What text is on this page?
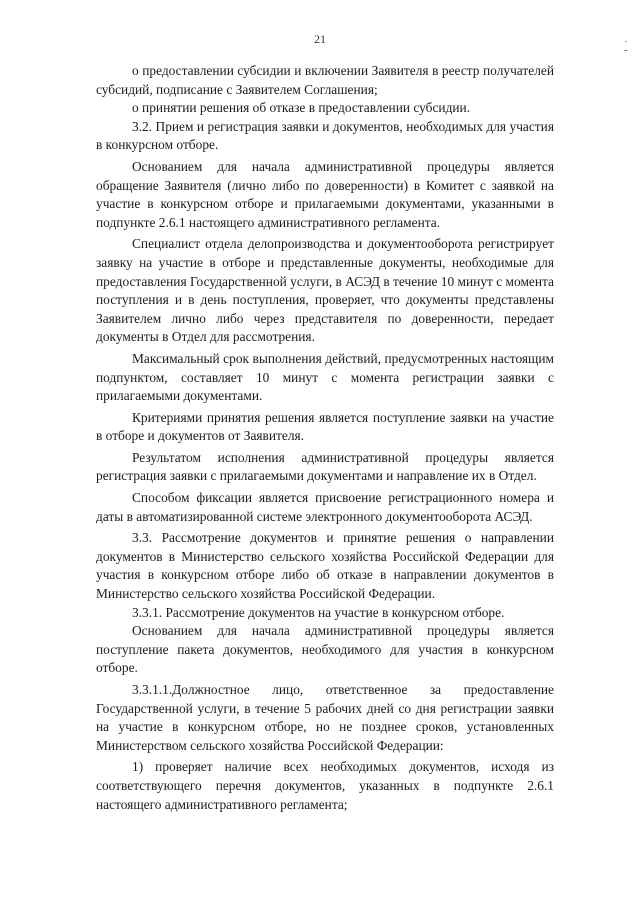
21	·
-

о предоставлении субсидии и включении Заявителя в реестр получателей субсидий, подписание с Заявителем Соглашения;

о принятии решения об отказе в предоставлении субсидии.

3.2. Прием и регистрация заявки и документов, необходимых для участия в конкурсном отборе.

Основанием для начала административной процедуры является обращение Заявителя (лично либо по доверенности) в Комитет с заявкой на участие в конкурсном отборе и прилагаемыми документами, указанными в подпункте 2.6.1 настоящего административного регламента.

Специалист отдела делопроизводства и документооборота регистрирует заявку на участие в отборе и представленные документы, необходимые для предоставления Государственной услуги, в АСЭД в течение 10 минут с момента поступления и в день поступления, проверяет, что документы представлены Заявителем лично либо через представителя по доверенности, передает документы в Отдел для рассмотрения.

Максимальный срок выполнения действий, предусмотренных настоящим подпунктом, составляет 10 минут с момента регистрации заявки с прилагаемыми документами.

Критериями принятия решения является поступление заявки на участие в отборе и документов от Заявителя.

Результатом исполнения административной процедуры является регистрация заявки с прилагаемыми документами и направление их в Отдел.

Способом фиксации является присвоение регистрационного номера и даты в автоматизированной системе электронного документооборота АСЭД.

3.3. Рассмотрение документов и принятие решения о направлении документов в Министерство сельского хозяйства Российской Федерации для участия в конкурсном отборе либо об отказе в направлении документов в Министерство сельского хозяйства Российской Федерации.

3.3.1. Рассмотрение документов на участие в конкурсном отборе.

Основанием для начала административной процедуры является поступление пакета документов, необходимого для участия в конкурсном отборе.

3.3.1.1.Должностное лицо, ответственное за предоставление Государственной услуги, в течение 5 рабочих дней со дня регистрации заявки на участие в конкурсном отборе, но не позднее сроков, установленных Министерством сельского хозяйства Российской Федерации:

1) проверяет наличие всех необходимых документов, исходя из соответствующего перечня документов, указанных в подпункте 2.6.1 настоящего административного регламента;
